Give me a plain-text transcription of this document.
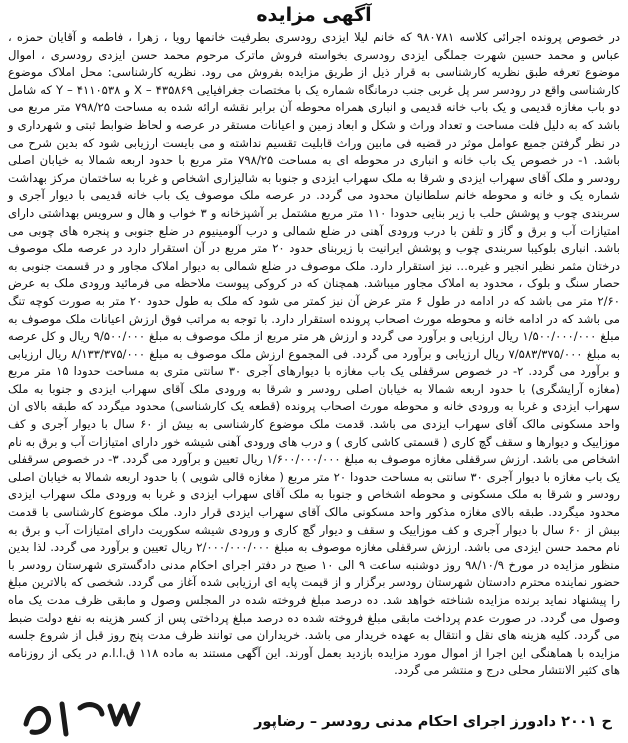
آگهی مزایده

در خصوص پرونده اجرائی کلاسه ۹۸۰۷۸۱ که خانم لیلا ایزدی رودسری بطرفیت خانمها رویا ، زهرا ، فاطمه و آقایان حمزه ، عباس و محمد حسین شهرت جملگی ایزدی رودسری بخواسته فروش ماترک مرحوم محمد حسن ایزدی رودسری ، اموال موضوع تعرفه طبق نظریه کارشناسی به قرار ذیل از طریق مزایده بفروش می رود. نظریه کارشناسی: محل املاک موضوع کارشناسی واقع در رودسر سر پل غربی جنب درمانگاه شماره یک با مختصات جغرافیایی X – ۴۳۵۸۶۹ و Y – ۴۱۱۰۵۳۸ که شامل دو باب مغازه قدیمی و یک باب خانه قدیمی و انباری همراه محوطه آن برابر نقشه ارائه شده به مساحت ۷۹۸/۲۵ متر مربع می باشد که به دلیل فلت مساحت و تعداد وراث و شکل و ابعاد زمین و اعیانات مستقر در عرصه و لحاظ ضوابط ثبتی و شهرداری و در نظر گرفتن جمیع عوامل موثر در قضیه فی مابین وراث قابلیت تقسیم نداشته و می بایست ارزیابی شود که بدین شرح می باشد. ۱- در خصوص یک باب خانه و انباری در محوطه ای به مساحت ۷۹۸/۲۵ متر مربع با حدود اربعه شمالا به خیابان اصلی رودسر و ملک آقای سهراب ایزدی و شرقا به ملک سهراب ایزدی و جنوبا به شالیزاری اشخاص و غربا به ساختمان مرکز بهداشت شماره یک و خانه و محوطه خانم سلطانیان محدود می گردد. در عرصه ملک موصوف یک باب خانه قدیمی با دیوار آجری و سربندی چوب و پوشش حلب با زیر بنایی حدودا ۱۱۰ متر مربع مشتمل بر آشپزخانه و ۳ خواب و هال و سرویس بهداشتی دارای امتیازات آب و برق و گاز و تلفن با درب ورودی آهنی در ضلع شمالی و درب آلومینیوم در ضلع جنوبی و پنجره های چوبی می باشد. انباری بلوکیبا سربندی چوب و پوشش ایرانیت با زیربنای حدود ۲۰ متر مربع در آن استقرار دارد در عرصه ملک موصوف درختان مثمر نظیر انجیر و غیره… نیز استقرار دارد. ملک موصوف در ضلع شمالی به دیوار املاک مجاور و در قسمت جنوبی به حصار سنگ و بلوک ، محدود به املاک مجاور میباشد. همچنان که در کروکی پیوست ملاحظه می فرمائید ورودی ملک به عرض ۲/۶۰ متر می باشد که در ادامه در طول ۶ متر عرض آن نیز کمتر می شود که ملک به طول حدود ۲۰ متر به صورت کوچه تنگ می باشد که در ادامه خانه و محوطه مورث اصحاب پرونده استقرار دارد. با توجه به مراتب فوق ارزش اعیانات ملک موصوف به مبلغ ۱/۵۰۰/۰۰۰/۰۰۰ ریال ارزیابی و برآورد می گردد و ارزش هر متر مربع از ملک موصوف به مبلغ ۹/۵۰۰/۰۰۰ ریال و کل عرصه به مبلغ ۷/۵۸۳/۳۷۵/۰۰۰ ریال ارزیابی و برآورد می گردد. فی المجموع ارزش ملک موصوف به مبلغ ۸/۱۳۳/۳۷۵/۰۰۰ ریال ارزیابی و برآورد می گردد. ۲- در خصوص سرقفلی یک باب مغازه با دیوارهای آجری ۳۰ سانتی متری به مساحت حدودا ۱۵ متر مربع (مغازه آرایشگری) با حدود اربعه شمالا به خیابان اصلی رودسر و شرقا به ورودی ملک آقای سهراب ایزدی و جنوبا به ملک سهراب ایزدی و غربا به ورودی خانه و محوطه مورث اصحاب پرونده (قطعه یک کارشناسی) محدود میگردد که طبقه بالای ان واحد مسکونی مالک آقای سهراب ایزدی می باشد. قدمت ملک موضوع کارشناسی به بیش از ۶۰ سال با دیوار آجری و کف موزاییک و دیوارها و سقف گچ کاری ( قسمتی کاشی کاری ) و درب های ورودی آهنی شیشه خور دارای امتیازات آب و برق به نام اشخاص می باشد. ارزش سرقفلی مغازه موصوف به مبلغ ۱/۶۰۰/۰۰۰/۰۰۰ ریال تعیین و برآورد می گردد. ۳- در خصوص سرقفلی یک باب مغازه با دیوار آجری ۳۰ سانتی به مساحت حدودا ۲۰ متر مربع ( مغازه قالی شویی ) با حدود اربعه شمالا به خیابان اصلی رودسر و شرقا به ملک مسکونی و محوطه اشخاص و جنوبا به ملک آقای سهراب ایزدی و غربا به ورودی ملک سهراب ایزدی محدود میگردد. طبقه بالای مغازه مذکور واحد مسکونی مالک آقای سهراب ایزدی قرار دارد. ملک موضوع کارشناسی با قدمت بیش از ۶۰ سال با دیوار آجری و کف موزاییک و سقف و دیوار گچ کاری و ورودی شیشه سکوریت دارای امتیازات آب و برق به نام محمد حسن ایزدی می باشد. ارزش سرقفلی مغازه موصوف به مبلغ ۲/۰۰۰/۰۰۰/۰۰۰ ریال تعیین و برآورد می گردد. لذا بدین منظور مزایده در مورخ ۹۸/۱۰/۹ روز دوشنبه ساعت ۹ الی ۱۰ صبح در دفتر اجرای احکام مدنی دادگستری شهرستان رودسر با حضور نماینده محترم دادستان شهرستان رودسر برگزار و از قیمت پایه ای ارزیابی شده آغاز می گردد. شخصی که بالاترین مبلغ را پیشنهاد نماید برنده مزایده شناخته خواهد شد. ده درصد مبلغ فروخته شده در المجلس وصول و مابقی ظرف مدت یک ماه وصول می گردد. در صورت عدم پرداخت مابقی مبلغ فروخته شده ده درصد مبلغ پرداختی پس از کسر هزینه به نفع دولت ضبط می گردد. کلیه هزینه های نقل و انتقال به عهده خریدار می باشد. خریداران می توانند ظرف مدت پنج روز قبل از شروع جلسه مزایده با هماهنگی این اجرا از اموال مورد مزایده بازدید بعمل آورند. این آگهی مستند به ماده ۱۱۸ ق.ا.ا.م در یکی از روزنامه های کثیر الانتشار محلی درج و منتشر می گردد.

ح ۲۰۰۱ دادورز اجرای احکام مدنی رودسر – رضاپور
